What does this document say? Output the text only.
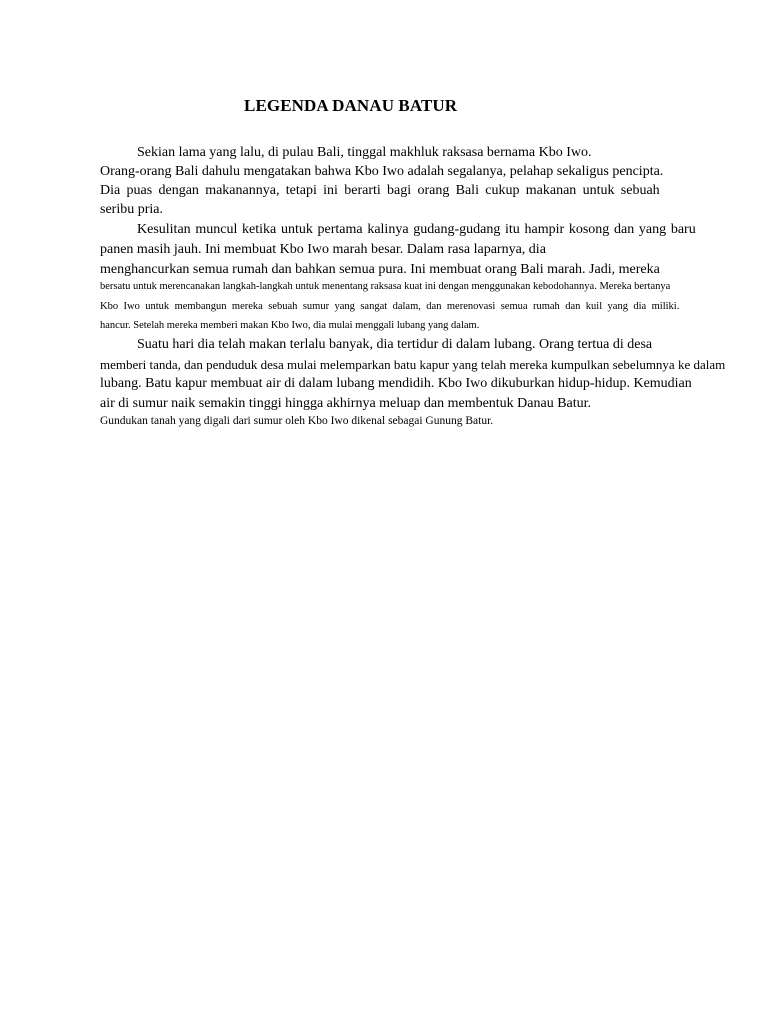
LEGENDA DANAU BATUR
Sekian lama yang lalu, di pulau Bali, tinggal makhluk raksasa bernama Kbo Iwo.
Orang-orang Bali dahulu mengatakan bahwa Kbo Iwo adalah segalanya, pelahap sekaligus pencipta.
Dia puas dengan makanannya, tetapi ini berarti bagi orang Bali cukup makanan untuk sebuah
seribu pria.
Kesulitan muncul ketika untuk pertama kalinya gudang-gudang itu hampir kosong dan yang baru
panen masih jauh. Ini membuat Kbo Iwo marah besar. Dalam rasa laparnya, dia
menghancurkan semua rumah dan bahkan semua pura. Ini membuat orang Bali marah. Jadi, mereka
bersatu untuk merencanakan langkah-langkah untuk menentang raksasa kuat ini dengan menggunakan kebodohannya. Mereka bertanya
Kbo Iwo untuk membangun mereka sebuah sumur yang sangat dalam, dan merenovasi semua rumah dan kuil yang dia miliki.
hancur. Setelah mereka memberi makan Kbo Iwo, dia mulai menggali lubang yang dalam.
Suatu hari dia telah makan terlalu banyak, dia tertidur di dalam lubang. Orang tertua di desa
memberi tanda, dan penduduk desa mulai melemparkan batu kapur yang telah mereka kumpulkan sebelumnya ke dalam
lubang. Batu kapur membuat air di dalam lubang mendidih. Kbo Iwo dikuburkan hidup-hidup. Kemudian
air di sumur naik semakin tinggi hingga akhirnya meluap dan membentuk Danau Batur.
Gundukan tanah yang digali dari sumur oleh Kbo Iwo dikenal sebagai Gunung Batur.
